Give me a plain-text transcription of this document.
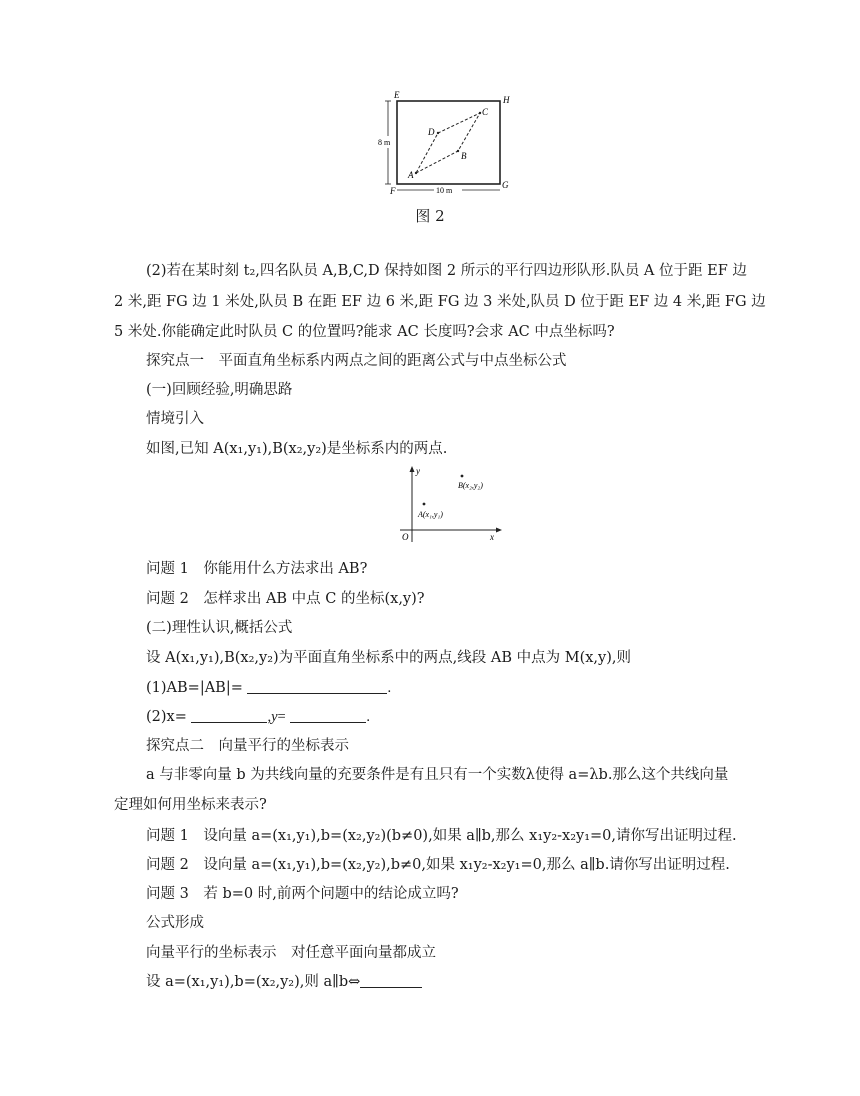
E	H
F
G
A
B
C
D
8 m
10 m
图 2
(2)若在某时刻 t₂,四名队员 A,B,C,D 保持如图 2 所示的平行四边形队形.队员 A 位于距 EF 边
2 米,距 FG 边 1 米处,队员 B 在距 EF 边 6 米,距 FG 边 3 米处,队员 D 位于距 EF 边 4 米,距 FG 边
5 米处.你能确定此时队员 C 的位置吗?能求 AC 长度吗?会求 AC 中点坐标吗?
探究点一　平面直角坐标系内两点之间的距离公式与中点坐标公式
(一)回顾经验,明确思路
情境引入
如图,已知 A(x₁,y₁),B(x₂,y₂)是坐标系内的两点.
y
x
O
A(x₁,y₁)
B(x₂,y₂)
问题 1　你能用什么方法求出 AB?
问题 2　怎样求出 AB 中点 C 的坐标(x,y)?
(二)理性认识,概括公式
设 A(x₁,y₁),B(x₂,y₂)为平面直角坐标系中的两点,线段 AB 中点为 M(x,y),则
(1)AB=|AB|=	.
(2)x=	,y=	.
探究点二　向量平行的坐标表示
a 与非零向量 b 为共线向量的充要条件是有且只有一个实数λ使得 a=λb.那么这个共线向量
定理如何用坐标来表示?
问题 1　设向量 a=(x₁,y₁),b=(x₂,y₂)(b≠0),如果 a∥b,那么 x₁y₂-x₂y₁=0,请你写出证明过程.
问题 2　设向量 a=(x₁,y₁),b=(x₂,y₂),b≠0,如果 x₁y₂-x₂y₁=0,那么 a∥b.请你写出证明过程.
问题 3　若 b=0 时,前两个问题中的结论成立吗?
公式形成
向量平行的坐标表示　对任意平面向量都成立
设 a=(x₁,y₁),b=(x₂,y₂),则 a∥b⇔
